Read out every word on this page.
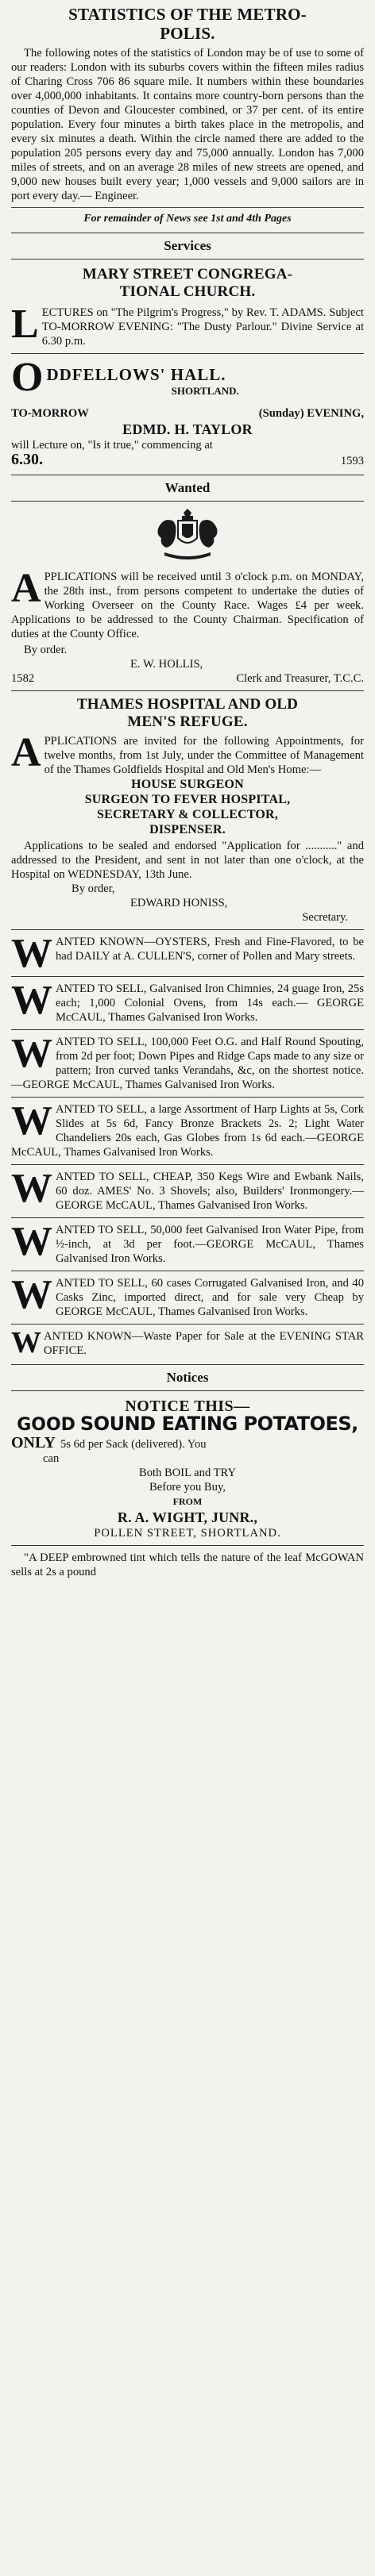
STATISTICS OF THE METRO-
POLIS.

The following notes of the statistics of London may be of use to some of our readers: London with its suburbs covers within the fifteen miles radius of Charing Cross 706 86 square mile. It numbers within these boundaries over 4,000,000 inhabitants. It contains more country-born persons than the counties of Devon and Gloucester combined, or 37 per cent. of its entire population. Every four minutes a birth takes place in the metropolis, and every six minutes a death. Within the circle named there are added to the population 205 persons every day and 75,000 annually. London has 7,000 miles of streets, and on an average 28 miles of new streets are opened, and 9,000 new houses built every year; 1,000 vessels and 9,000 sailors are in port every day.— Engineer.

For remainder of News see 1st and 4th Pages

Services
MARY STREET CONGREGA-
TIONAL CHURCH.
L ECTURES on "The Pilgrim's Progress," by Rev. T. ADAMS. Subject TO-MORROW EVENING: "The Dusty Parlour." Divine Service at 6.30 p.m.

O DDFELLOWS' HALL.
SHORTLAND.
TO-MORROW	(Sunday) EVENING,
EDMD. H. TAYLOR

will Lecture on, "Is it true," commencing at

6.30.	1593
Wanted
A PPLICATIONS will be received until 3 o'clock p.m. on MONDAY, the 28th inst., from persons competent to undertake the duties of Working Overseer on the County Race. Wages £4 per week. Applications to be addressed to the County Chairman. Specification of duties at the County Office.

By order.
E. W. HOLLIS,
1582	Clerk and Treasurer, T.C.C.
THAMES HOSPITAL AND OLD
MEN'S REFUGE.
A PPLICATIONS are invited for the following Appointments, for twelve months, from 1st July, under the Committee of Management of the Thames Goldfields Hospital and Old Men's Home:—

HOUSE SURGEON
SURGEON TO FEVER HOSPITAL,
SECRETARY & COLLECTOR,
DISPENSER.

Applications to be sealed and endorsed "Application for ..........." and addressed to the President, and sent in not later than one o'clock, at the Hospital on WEDNESDAY, 13th June.

By order,
EDWARD HONISS,
Secretary.
W ANTED KNOWN—OYSTERS, Fresh and Fine-Flavored, to be had DAILY at A. CULLEN'S, corner of Pollen and Mary streets.

W ANTED TO SELL, Galvanised Iron Chimnies, 24 guage Iron, 25s each; 1,000 Colonial Ovens, from 14s each.— GEORGE McCAUL, Thames Galvanised Iron Works.

W ANTED TO SELL, 100,000 Feet O.G. and Half Round Spouting, from 2d per foot; Down Pipes and Ridge Caps made to any size or pattern; Iron curved tanks Verandahs, &c, on the shortest notice.—GEORGE McCAUL, Thames Galvanised Iron Works.

W ANTED TO SELL, a large Assortment of Harp Lights at 5s, Cork Slides at 5s 6d, Fancy Bronze Brackets 2s. 2; Light Water Chandeliers 20s each, Gas Globes from 1s 6d each.—GEORGE McCAUL, Thames Galvanised Iron Works.

W ANTED TO SELL, CHEAP, 350 Kegs Wire and Ewbank Nails, 60 doz. AMES' No. 3 Shovels; also, Builders' Ironmongery.—GEORGE McCAUL, Thames Galvanised Iron Works.

W ANTED TO SELL, 50,000 feet Galvanised Iron Water Pipe, from ½-inch, at 3d per foot.—GEORGE McCAUL, Thames Galvanised Iron Works.

W ANTED TO SELL, 60 cases Corrugated Galvanised Iron, and 40 Casks Zinc, imported direct, and for sale very Cheap by GEORGE McCAUL, Thames Galvanised Iron Works.

W ANTED KNOWN—Waste Paper for Sale at the EVENING STAR OFFICE.

Notices
NOTICE THIS—
GOOD SOUND EATING POTATOES,
ONLY 5s 6d per Sack (delivered). You
can
Both BOIL and TRY
Before you Buy,
FROM
R. A. WIGHT, JUNR.,
POLLEN STREET, SHORTLAND.

"A DEEP embrowned tint which tells the nature of the leaf McGOWAN sells at 2s a pound
